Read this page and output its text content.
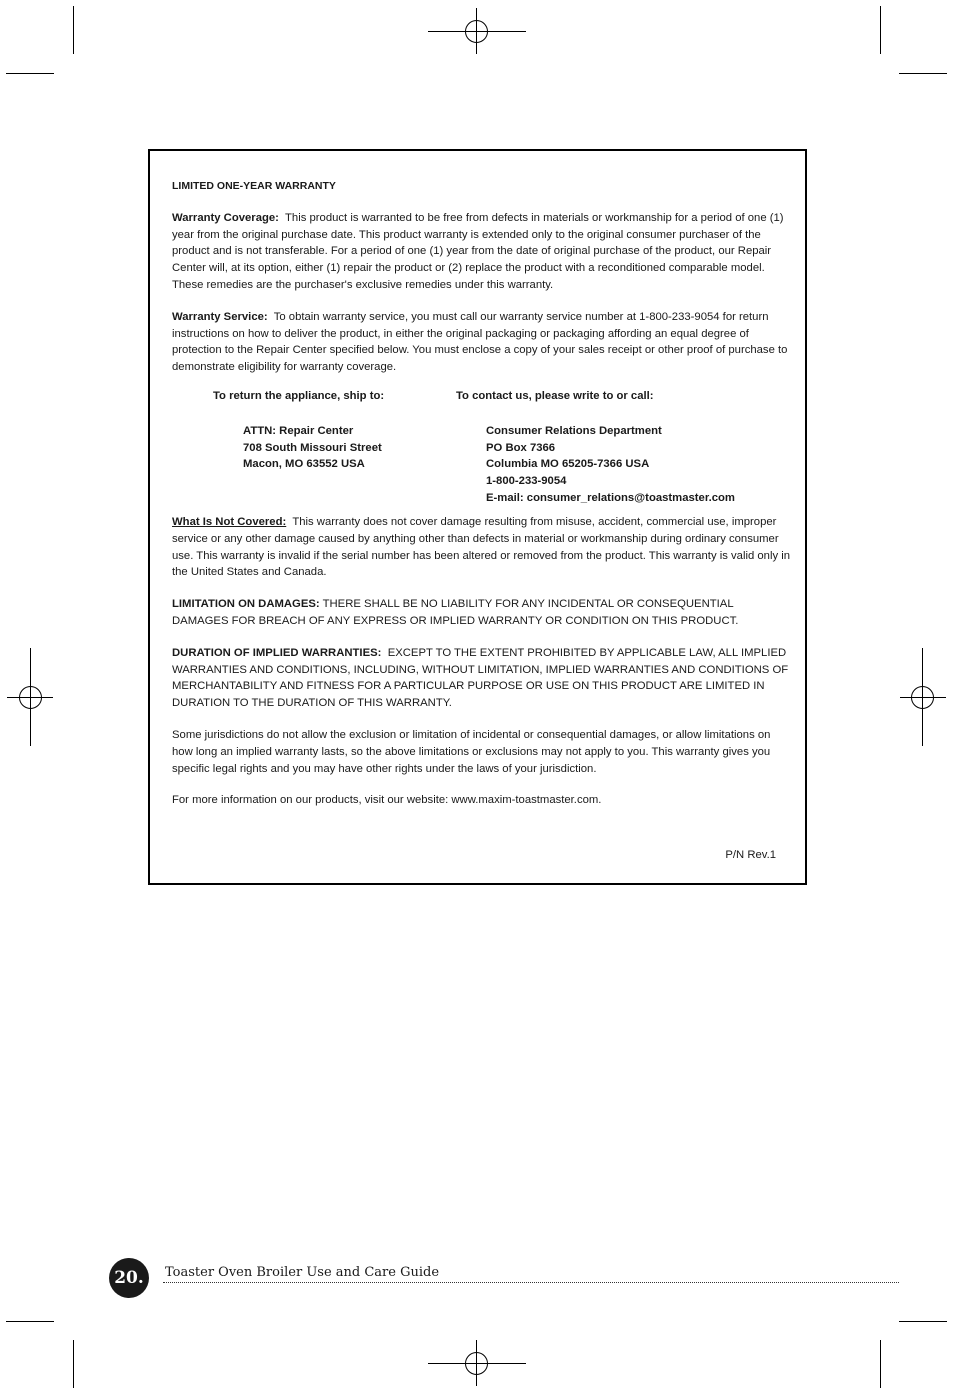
LIMITED ONE-YEAR WARRANTY

Warranty Coverage: This product is warranted to be free from defects in materials or workmanship for a period of one (1) year from the original purchase date. This product warranty is extended only to the original consumer purchaser of the product and is not transferable. For a period of one (1) year from the date of original purchase of the product, our Repair Center will, at its option, either (1) repair the product or (2) replace the product with a reconditioned comparable model. These remedies are the purchaser's exclusive remedies under this warranty.

Warranty Service: To obtain warranty service, you must call our warranty service number at 1-800-233-9054 for return instructions on how to deliver the product, in either the original packaging or packaging affording an equal degree of protection to the Repair Center specified below. You must enclose a copy of your sales receipt or other proof of purchase to demonstrate eligibility for warranty coverage.

To return the appliance, ship to:
ATTN: Repair Center
708 South Missouri Street
Macon, MO 63552 USA
To contact us, please write to or call:
Consumer Relations Department
PO Box 7366
Columbia MO 65205-7366 USA
1-800-233-9054
E-mail: consumer_relations@toastmaster.com

What Is Not Covered: This warranty does not cover damage resulting from misuse, accident, commercial use, improper service or any other damage caused by anything other than defects in material or workmanship during ordinary consumer use. This warranty is invalid if the serial number has been altered or removed from the product. This warranty is valid only in the United States and Canada.

LIMITATION ON DAMAGES: THERE SHALL BE NO LIABILITY FOR ANY INCIDENTAL OR CONSEQUENTIAL DAMAGES FOR BREACH OF ANY EXPRESS OR IMPLIED WARRANTY OR CONDITION ON THIS PRODUCT.

DURATION OF IMPLIED WARRANTIES: EXCEPT TO THE EXTENT PROHIBITED BY APPLICABLE LAW, ALL IMPLIED WARRANTIES AND CONDITIONS, INCLUDING, WITHOUT LIMITATION, IMPLIED WARRANTIES AND CONDITIONS OF MERCHANTABILITY AND FITNESS FOR A PARTICULAR PURPOSE OR USE ON THIS PRODUCT ARE LIMITED IN DURATION TO THE DURATION OF THIS WARRANTY.

Some jurisdictions do not allow the exclusion or limitation of incidental or consequential damages, or allow limitations on how long an implied warranty lasts, so the above limitations or exclusions may not apply to you. This warranty gives you specific legal rights and you may have other rights under the laws of your jurisdiction.

For more information on our products, visit our website: www.maxim-toastmaster.com.

P/N Rev.1
20.	Toaster Oven Broiler Use and Care Guide
